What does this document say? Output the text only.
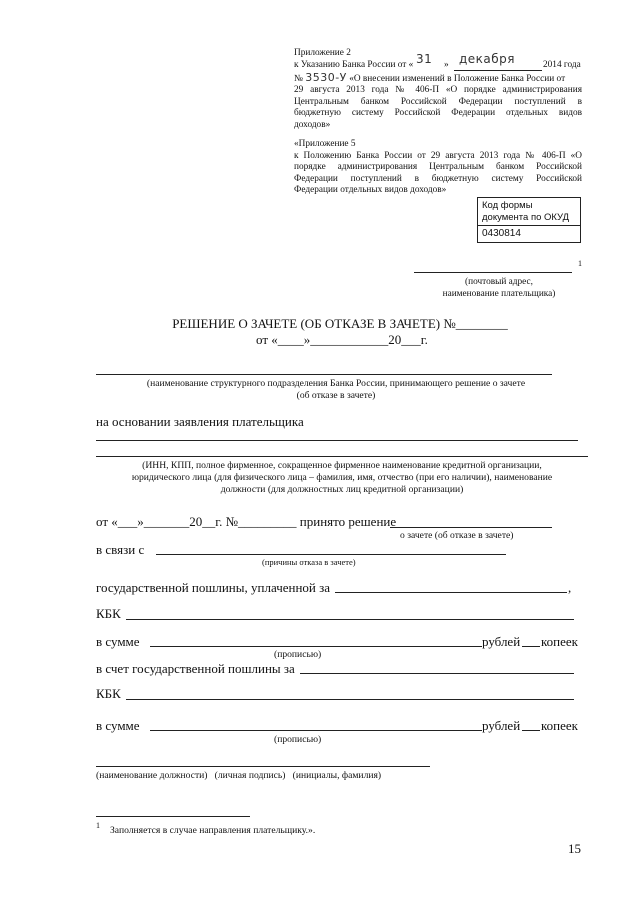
Приложение 2
к Указанию Банка России от « 31 » декабря	2014 года
№ 3530-У «О внесении изменений в Положение Банка России от
29 августа 2013 года № 406-П «О порядке администрирования
Центральным банком Российской Федерации поступлений в
бюджетную систему Российской Федерации отдельных видов
доходов»
«Приложение 5
к Положению Банка России от 29 августа 2013 года № 406-П «О
порядке администрирования Центральным банком Российской
Федерации поступлений в бюджетную систему Российской
Федерации отдельных видов доходов»
Код формы
документа по ОКУД

0430814
1
(почтовый адрес,
наименование плательщика)
РЕШЕНИЕ О ЗАЧЕТЕ (ОБ ОТКАЗЕ В ЗАЧЕТЕ) №________
от «____»____________20___г.
(наименование структурного подразделения Банка России, принимающего решение о зачете
(об отказе в зачете)
на основании заявления плательщика
(ИНН, КПП, полное фирменное, сокращенное фирменное наименование кредитной организации,
юридического лица (для физического лица – фамилия, имя, отчество (при его наличии), наименование
должности (для должностных лиц кредитной организации)
от «___»_______20__г. №_________ принято решение
о зачете (об отказе в зачете)
в связи с
(причины отказа в зачете)
государственной пошлины, уплаченной за	,
КБК
в сумме	рублей копеек
(прописью)
в счет государственной пошлины за
КБК
в сумме	рублей копеек
(прописью)
(наименование должности)   (личная подпись)   (инициалы, фамилия)
1 Заполняется в случае направления плательщику.».
15
